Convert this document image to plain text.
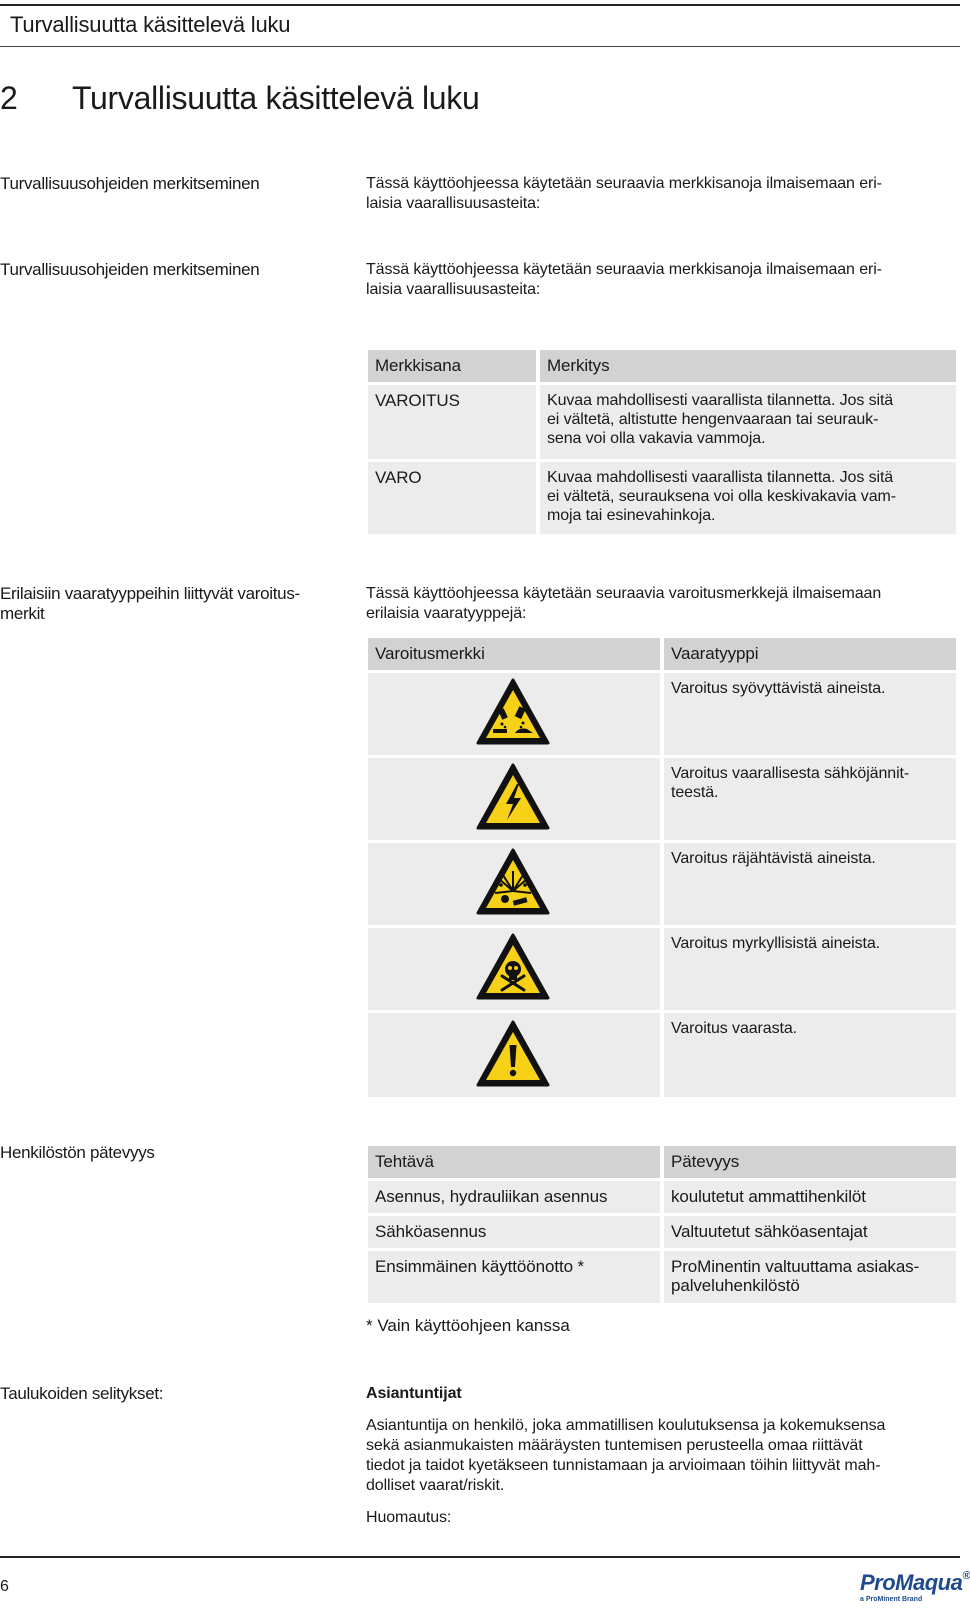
Turvallisuutta käsittelevä luku
2 Turvallisuutta käsittelevä luku
Turvallisuusohjeiden merkitseminen	Tässä käyttöohjeessa käytetään seuraavia merkkisanoja ilmaisemaan eri-
laisia vaarallisuusasteita:
Turvallisuusohjeiden merkitseminen	Tässä käyttöohjeessa käytetään seuraavia merkkisanoja ilmaisemaan eri-
laisia vaarallisuusasteita:
Merkkisana	Merkitys
VAROITUS	Kuvaa mahdollisesti vaarallista tilannetta. Jos sitä
ei vältetä, altistutte hengenvaaraan tai seurauk-
sena voi olla vakavia vammoja.
VARO	Kuvaa mahdollisesti vaarallista tilannetta. Jos sitä
ei vältetä, seurauksena voi olla keskivakavia vam-
moja tai esinevahinkoja.
Erilaisiin vaaratyyppeihin liittyvät varoitus-
merkit
Tässä käyttöohjeessa käytetään seuraavia varoitusmerkkejä ilmaisemaan
erilaisia vaaratyyppejä:
Varoitusmerkki	Vaaratyyppi
Varoitus syövyttävistä aineista.
Varoitus vaarallisesta sähköjännit-
teestä.
Varoitus räjähtävistä aineista.
Varoitus myrkyllisistä aineista.
Varoitus vaarasta.
Henkilöstön pätevyys	Tehtävä	Pätevyys
Asennus, hydrauliikan asennus	koulutetut ammattihenkilöt
Sähköasennus	Valtuutetut sähköasentajat
Ensimmäinen käyttöönotto *	ProMinentin valtuuttama asiakas-
palveluhenkilöstö
* Vain käyttöohjeen kanssa
Taulukoiden selitykset:	Asiantuntijat
Asiantuntija on henkilö, joka ammatillisen koulutuksensa ja kokemuksensa
sekä asianmukaisten määräysten tuntemisen perusteella omaa riittävät
tiedot ja taidot kyetäkseen tunnistamaan ja arvioimaan töihin liittyvät mah-
dolliset vaarat/riskit.
Huomautus:
6	ProMaqua®
a ProMinent Brand
